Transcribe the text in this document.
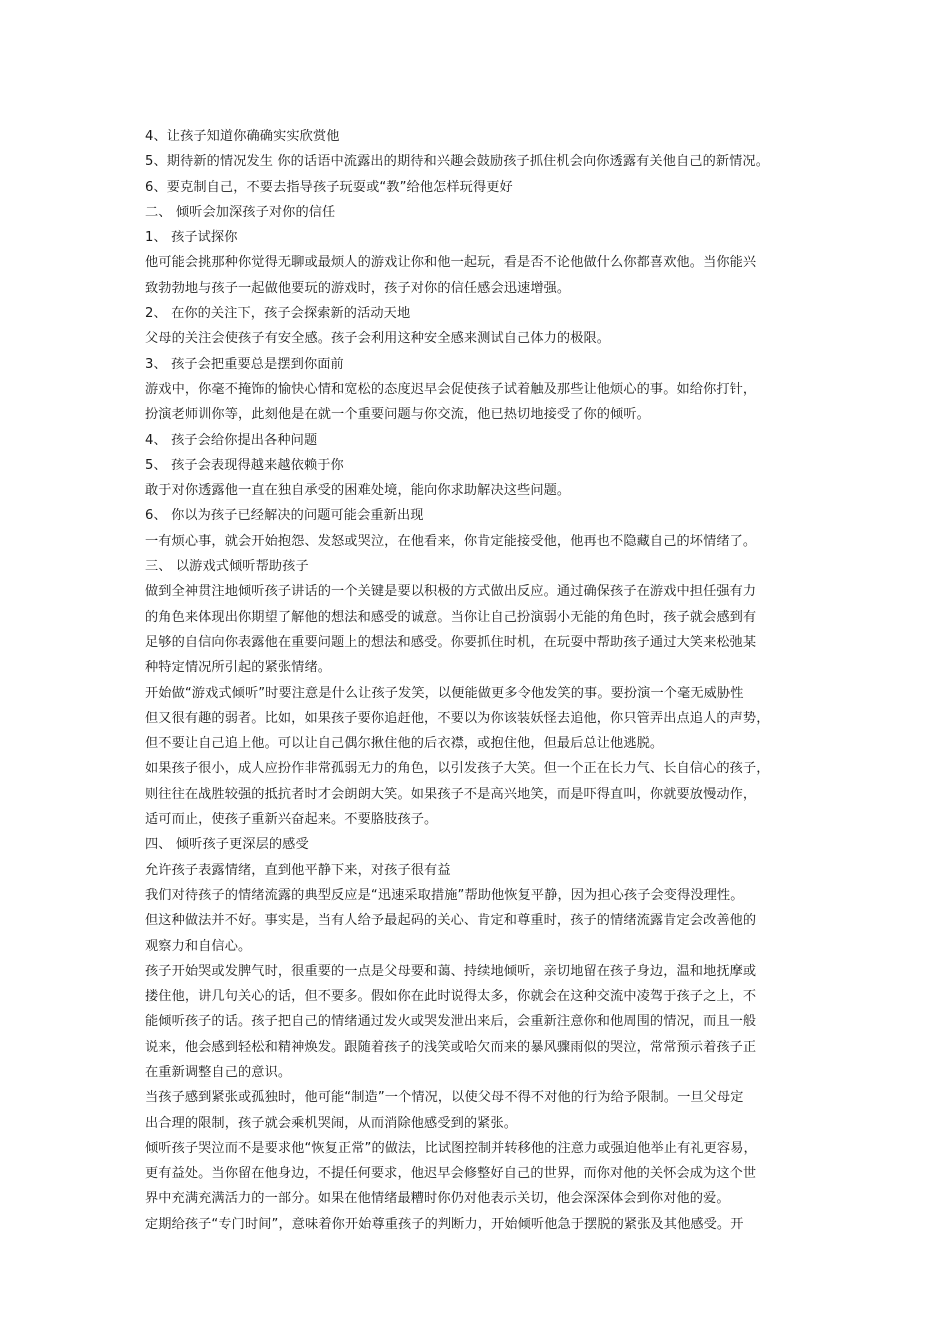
4、让孩子知道你确确实实欣赏他
5、期待新的情况发生 你的话语中流露出的期待和兴趣会鼓励孩子抓住机会向你透露有关他自己的新情况。
6、要克制自己，不要去指导孩子玩耍或“教”给他怎样玩得更好
二、 倾听会加深孩子对你的信任
1、 孩子试探你
他可能会挑那种你觉得无聊或最烦人的游戏让你和他一起玩，看是否不论他做什么你都喜欢他。当你能兴
致勃勃地与孩子一起做他要玩的游戏时，孩子对你的信任感会迅速增强。
2、 在你的关注下，孩子会探索新的活动天地
父母的关注会使孩子有安全感。孩子会利用这种安全感来测试自己体力的极限。
3、 孩子会把重要总是摆到你面前
游戏中，你毫不掩饰的愉快心情和宽松的态度迟早会促使孩子试着触及那些让他烦心的事。如给你打针，
扮演老师训你等，此刻他是在就一个重要问题与你交流，他已热切地接受了你的倾听。
4、 孩子会给你提出各种问题
5、 孩子会表现得越来越依赖于你
敢于对你透露他一直在独自承受的困难处境，能向你求助解决这些问题。
6、 你以为孩子已经解决的问题可能会重新出现
一有烦心事，就会开始抱怨、发怒或哭泣，在他看来，你肯定能接受他，他再也不隐藏自己的坏情绪了。
三、 以游戏式倾听帮助孩子
做到全神贯注地倾听孩子讲话的一个关键是要以积极的方式做出反应。通过确保孩子在游戏中担任强有力
的角色来体现出你期望了解他的想法和感受的诚意。当你让自己扮演弱小无能的角色时，孩子就会感到有
足够的自信向你表露他在重要问题上的想法和感受。你要抓住时机，在玩耍中帮助孩子通过大笑来松弛某
种特定情况所引起的紧张情绪。
开始做“游戏式倾听”时要注意是什么让孩子发笑，以便能做更多令他发笑的事。要扮演一个毫无威胁性
但又很有趣的弱者。比如，如果孩子要你追赶他，不要以为你该装妖怪去追他，你只管弄出点追人的声势，
但不要让自己追上他。可以让自己偶尔揪住他的后衣襟，或抱住他，但最后总让他逃脱。
如果孩子很小，成人应扮作非常孤弱无力的角色，以引发孩子大笑。但一个正在长力气、长自信心的孩子，
则往往在战胜较强的抵抗者时才会朗朗大笑。如果孩子不是高兴地笑，而是吓得直叫，你就要放慢动作，
适可而止，使孩子重新兴奋起来。不要胳肢孩子。
四、 倾听孩子更深层的感受
允许孩子表露情绪，直到他平静下来，对孩子很有益
我们对待孩子的情绪流露的典型反应是“迅速采取措施”帮助他恢复平静，因为担心孩子会变得没理性。
但这种做法并不好。事实是，当有人给予最起码的关心、肯定和尊重时，孩子的情绪流露肯定会改善他的
观察力和自信心。
孩子开始哭或发脾气时，很重要的一点是父母要和蔼、持续地倾听，亲切地留在孩子身边，温和地抚摩或
搂住他，讲几句关心的话，但不要多。假如你在此时说得太多，你就会在这种交流中凌驾于孩子之上，不
能倾听孩子的话。孩子把自己的情绪通过发火或哭发泄出来后，会重新注意你和他周围的情况，而且一般
说来，他会感到轻松和精神焕发。跟随着孩子的浅笑或哈欠而来的暴风骤雨似的哭泣，常常预示着孩子正
在重新调整自己的意识。
当孩子感到紧张或孤独时，他可能“制造”一个情况，以使父母不得不对他的行为给予限制。一旦父母定
出合理的限制，孩子就会乘机哭闹，从而消除他感受到的紧张。
倾听孩子哭泣而不是要求他“恢复正常”的做法，比试图控制并转移他的注意力或强迫他举止有礼更容易，
更有益处。当你留在他身边，不提任何要求，他迟早会修整好自己的世界，而你对他的关怀会成为这个世
界中充满充满活力的一部分。如果在他情绪最糟时你仍对他表示关切，他会深深体会到你对他的爱。
定期给孩子“专门时间”，意味着你开始尊重孩子的判断力，开始倾听他急于摆脱的紧张及其他感受。开
